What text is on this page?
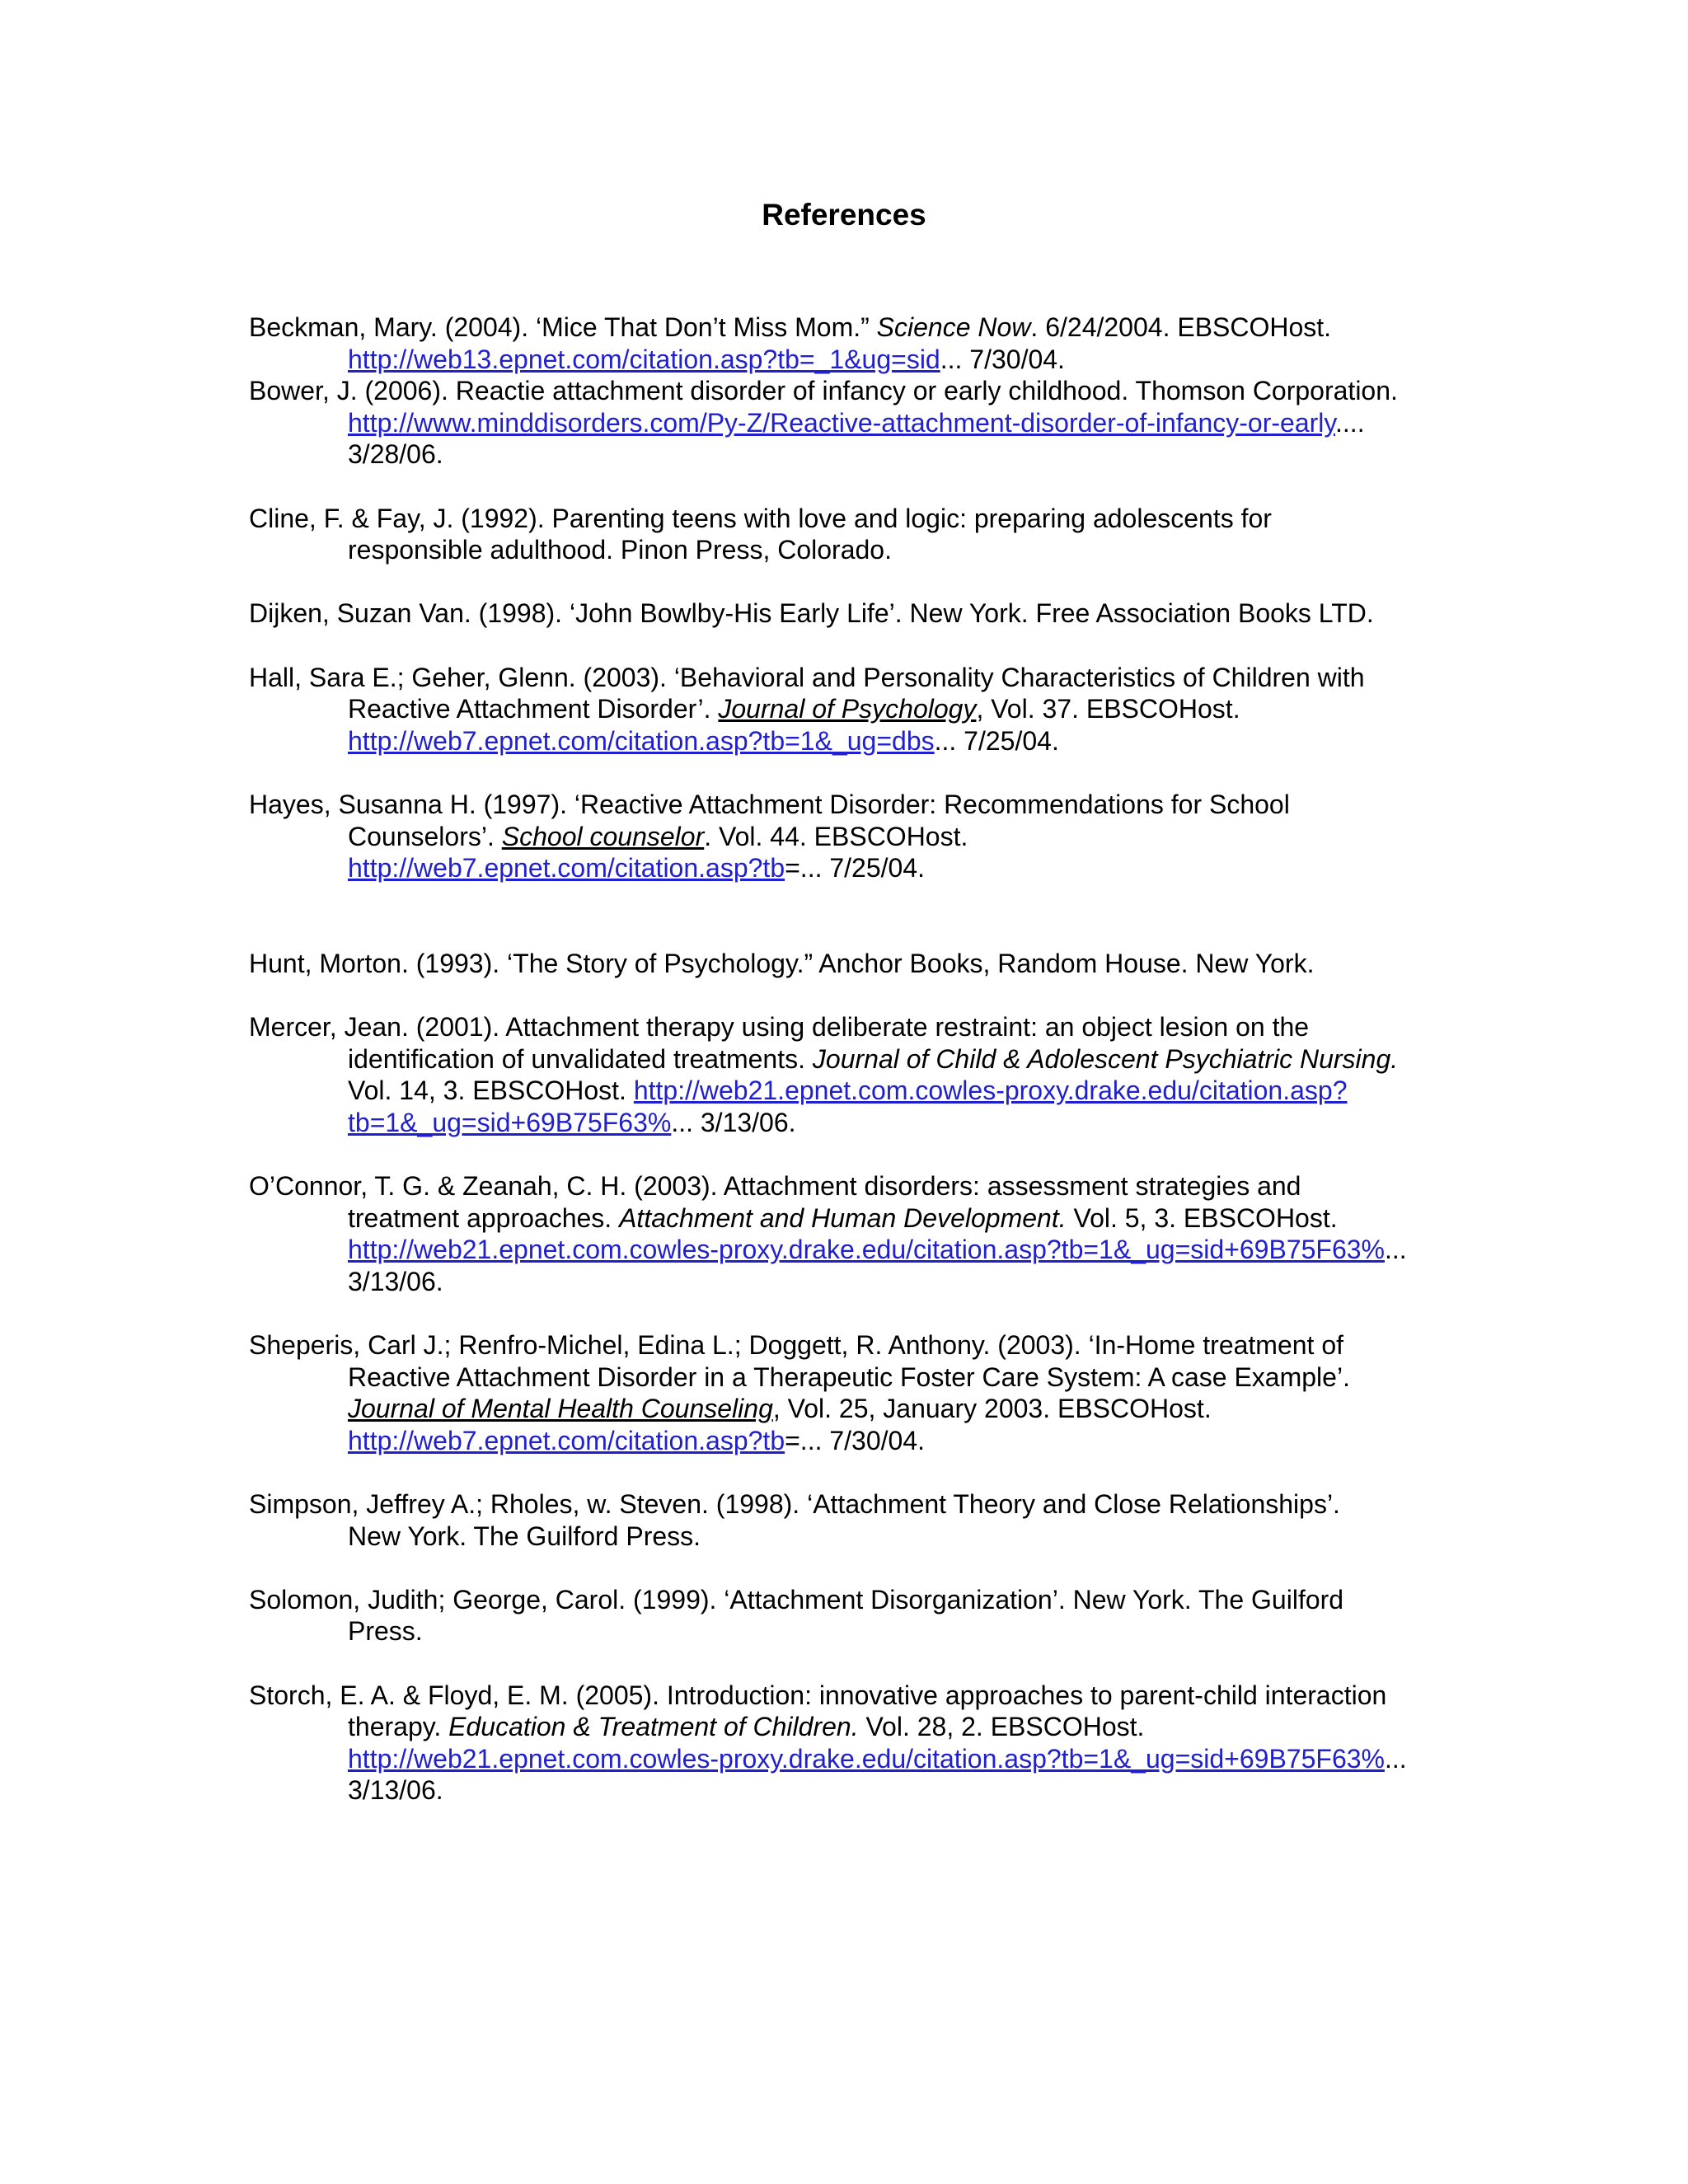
References

Beckman, Mary. (2004). ‘Mice That Don’t Miss Mom.” Science Now. 6/24/2004. EBSCOHost.

http://web13.epnet.com/citation.asp?tb=_1&ug=sid... 7/30/04.

Bower, J. (2006). Reactie attachment disorder of infancy or early childhood. Thomson Corporation.

http://www.minddisorders.com/Py-Z/Reactive-attachment-disorder-of-infancy-or-early....

3/28/06.

Cline, F. & Fay, J. (1992). Parenting teens with love and logic: preparing adolescents for

responsible adulthood. Pinon Press, Colorado.

Dijken, Suzan Van. (1998). ‘John Bowlby-His Early Life’. New York. Free Association Books LTD.

Hall, Sara E.; Geher, Glenn. (2003). ‘Behavioral and Personality Characteristics of Children with

Reactive Attachment Disorder’. Journal of Psychology, Vol. 37. EBSCOHost.

http://web7.epnet.com/citation.asp?tb=1&_ug=dbs... 7/25/04.

Hayes, Susanna H. (1997). ‘Reactive Attachment Disorder: Recommendations for School

Counselors’. School counselor. Vol. 44. EBSCOHost.

http://web7.epnet.com/citation.asp?tb=... 7/25/04.

Hunt, Morton. (1993). ‘The Story of Psychology.” Anchor Books, Random House. New York.

Mercer, Jean. (2001). Attachment therapy using deliberate restraint: an object lesion on the

identification of unvalidated treatments. Journal of Child & Adolescent Psychiatric Nursing.

Vol. 14, 3. EBSCOHost. http://web21.epnet.com.cowles-proxy.drake.edu/citation.asp?

tb=1&_ug=sid+69B75F63%... 3/13/06.

O’Connor, T. G. & Zeanah, C. H. (2003). Attachment disorders: assessment strategies and

treatment approaches. Attachment and Human Development. Vol. 5, 3. EBSCOHost.

http://web21.epnet.com.cowles-proxy.drake.edu/citation.asp?tb=1&_ug=sid+69B75F63%...

3/13/06.

Sheperis, Carl J.; Renfro-Michel, Edina L.; Doggett, R. Anthony. (2003). ‘In-Home treatment of

Reactive Attachment Disorder in a Therapeutic Foster Care System: A case Example’.

Journal of Mental Health Counseling, Vol. 25, January 2003. EBSCOHost.

http://web7.epnet.com/citation.asp?tb=... 7/30/04.

Simpson, Jeffrey A.; Rholes, w. Steven. (1998). ‘Attachment Theory and Close Relationships’.

New York. The Guilford Press.

Solomon, Judith; George, Carol. (1999). ‘Attachment Disorganization’. New York. The Guilford

Press.

Storch, E. A. & Floyd, E. M. (2005). Introduction: innovative approaches to parent-child interaction

therapy. Education & Treatment of Children. Vol. 28, 2. EBSCOHost.

http://web21.epnet.com.cowles-proxy.drake.edu/citation.asp?tb=1&_ug=sid+69B75F63%...

3/13/06.
